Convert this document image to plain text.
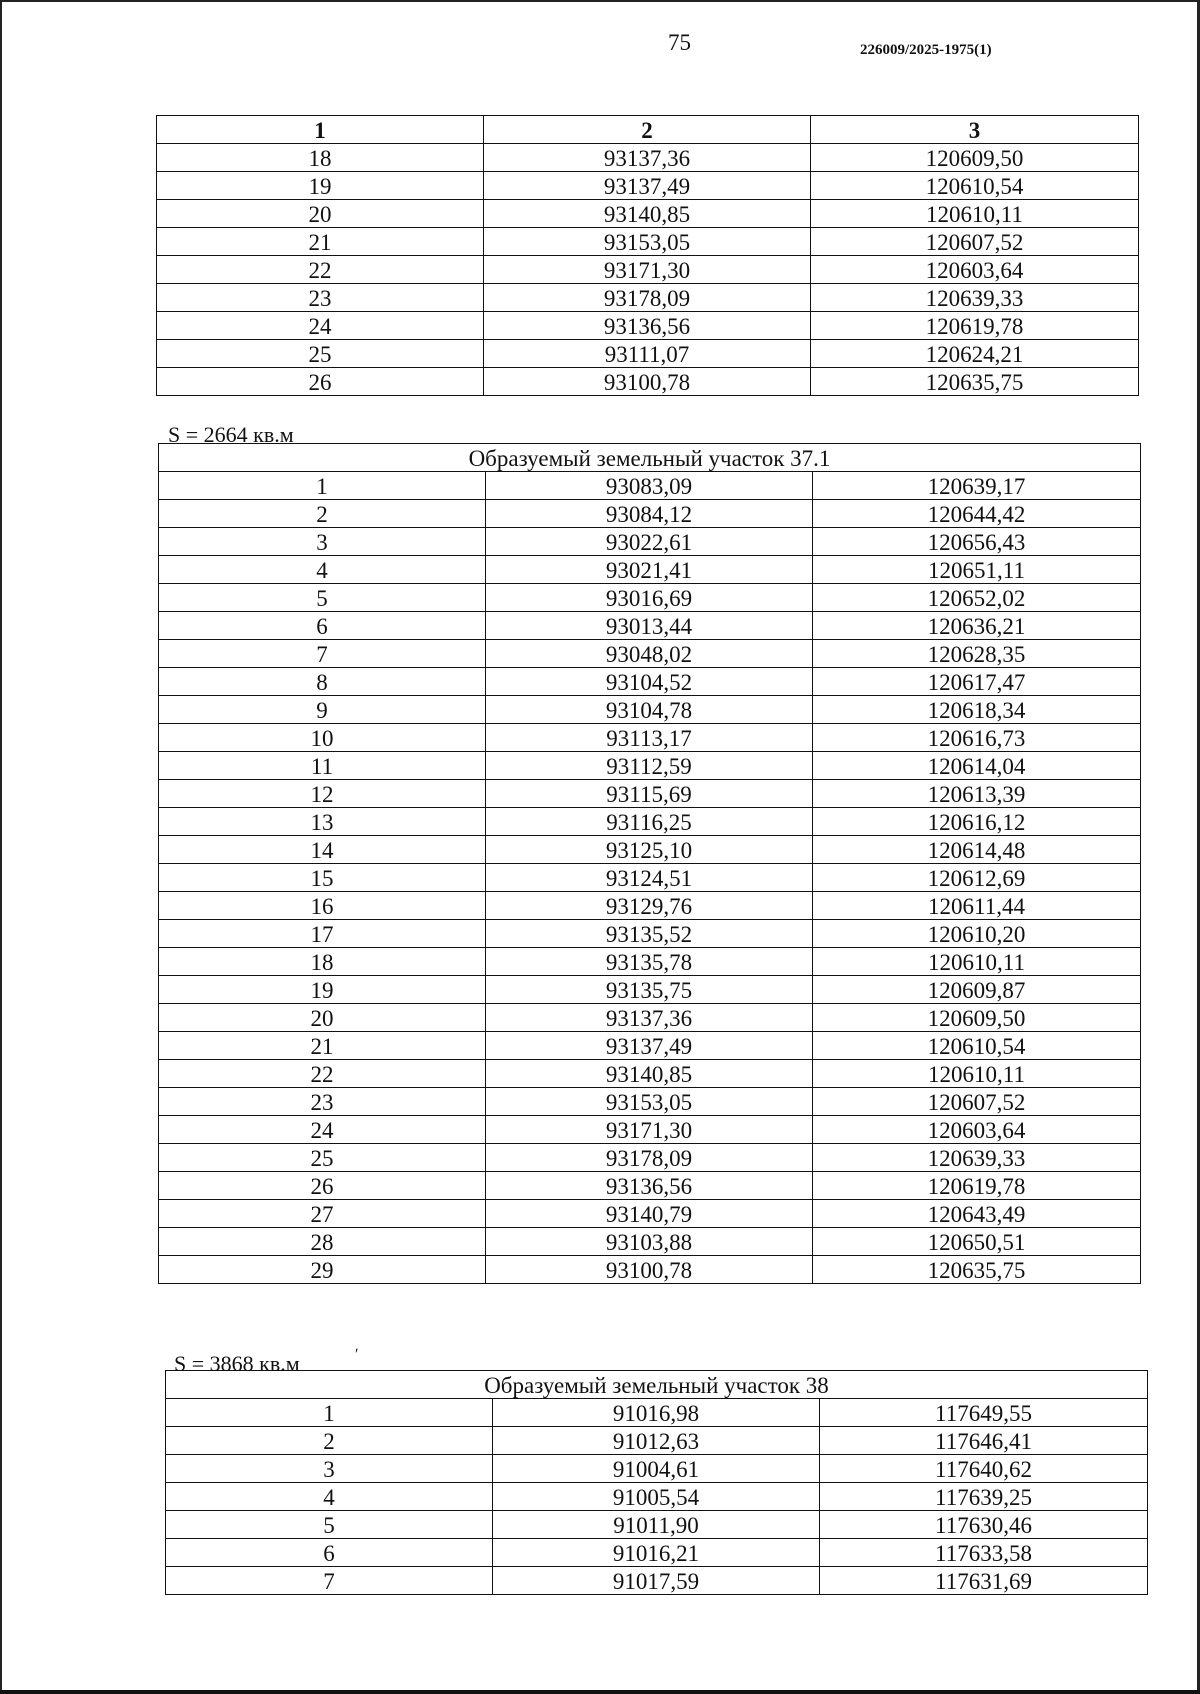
75	226009/2025-1975(1)
1	2	3
18	93137,36	120609,50
19	93137,49	120610,54
20	93140,85	120610,11
21	93153,05	120607,52
22	93171,30	120603,64
23	93178,09	120639,33
24	93136,56	120619,78
25	93111,07	120624,21
26	93100,78	120635,75
S = 2664 кв.м
Образуемый земельный участок 37.1		
1	93083,09	120639,17
2	93084,12	120644,42
3	93022,61	120656,43
4	93021,41	120651,11
5	93016,69	120652,02
6	93013,44	120636,21
7	93048,02	120628,35
8	93104,52	120617,47
9	93104,78	120618,34
10	93113,17	120616,73
11	93112,59	120614,04
12	93115,69	120613,39
13	93116,25	120616,12
14	93125,10	120614,48
15	93124,51	120612,69
16	93129,76	120611,44
17	93135,52	120610,20
18	93135,78	120610,11
19	93135,75	120609,87
20	93137,36	120609,50
21	93137,49	120610,54
22	93140,85	120610,11
23	93153,05	120607,52
24	93171,30	120603,64
25	93178,09	120639,33
26	93136,56	120619,78
27	93140,79	120643,49
28	93103,88	120650,51
29	93100,78	120635,75
S = 3868 кв.м	ʹ
Образуемый земельный участок 38		
1	91016,98	117649,55
2	91012,63	117646,41
3	91004,61	117640,62
4	91005,54	117639,25
5	91011,90	117630,46
6	91016,21	117633,58
7	91017,59	117631,69
